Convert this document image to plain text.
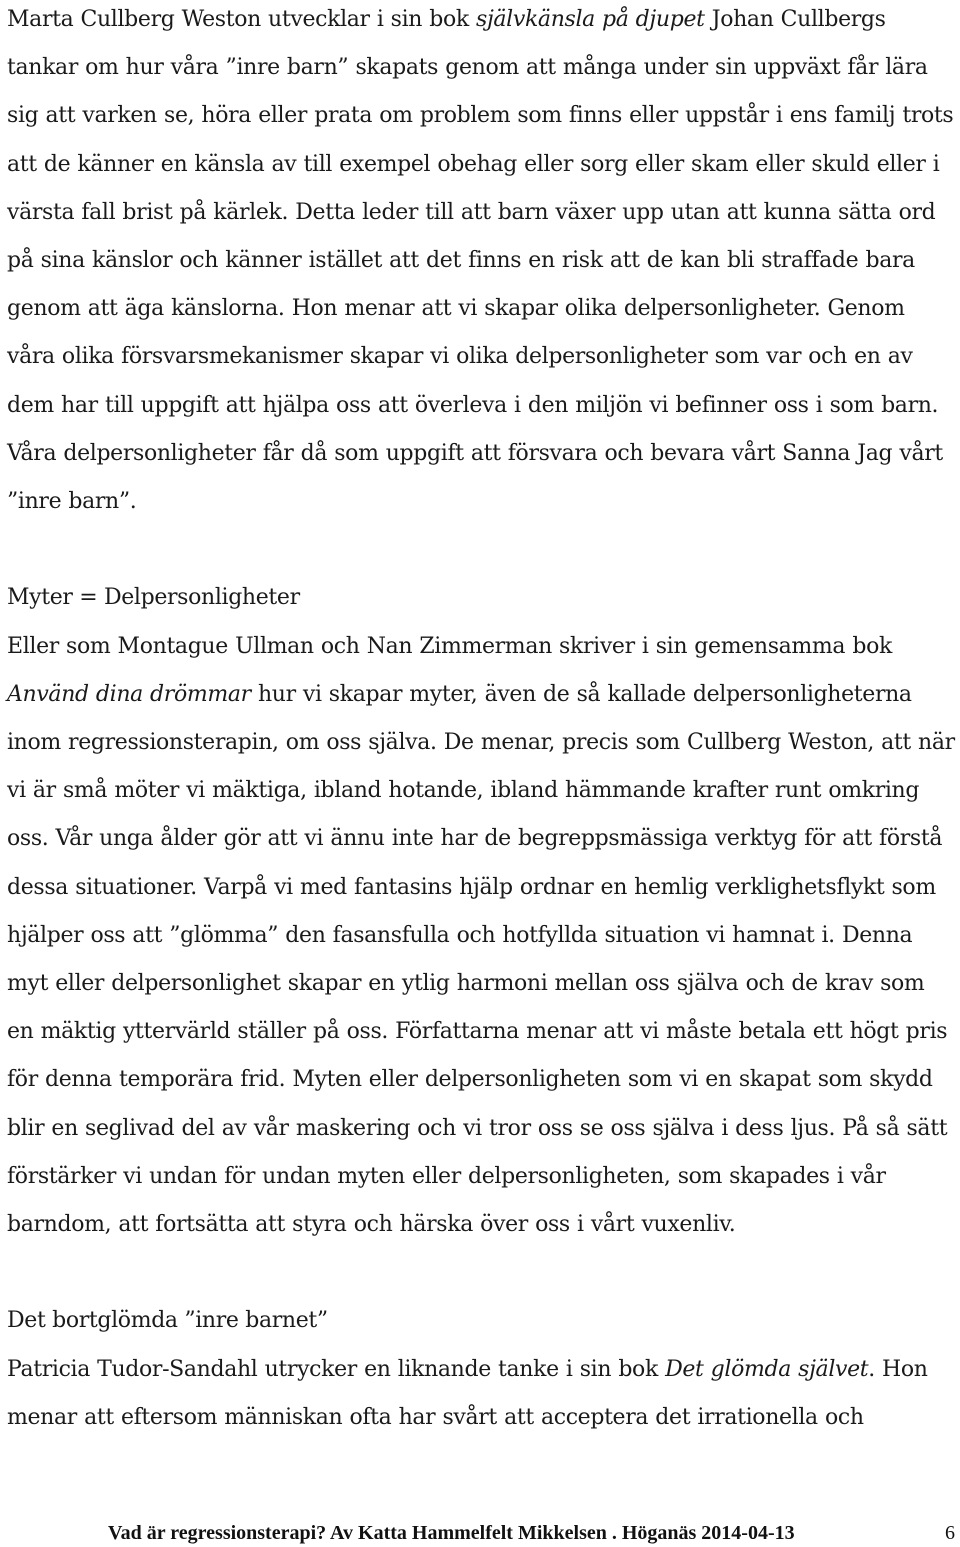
Marta Cullberg Weston utvecklar i sin bok självkänsla på djupet Johan Cullbergs tankar om hur våra ”inre barn” skapats genom att många under sin uppväxt får lära sig att varken se, höra eller prata om problem som finns eller uppstår i ens familj trots att de känner en känsla av till exempel obehag eller sorg eller skam eller skuld eller i värsta fall brist på kärlek. Detta leder till att barn växer upp utan att kunna sätta ord på sina känslor och känner istället att det finns en risk att de kan bli straffade bara genom att äga känslorna. Hon menar att vi skapar olika delpersonligheter. Genom våra olika försvarsmekanismer skapar vi olika delpersonligheter som var och en av dem har till uppgift att hjälpa oss att överleva i den miljön vi befinner oss i som barn. Våra delpersonligheter får då som uppgift att försvara och bevara vårt Sanna Jag vårt ”inre barn”.

Myter = Delpersonligheter

Eller som Montague Ullman och Nan Zimmerman skriver i sin gemensamma bok Använd dina drömmar hur vi skapar myter, även de så kallade delpersonligheterna inom regressionsterapin, om oss själva. De menar, precis som Cullberg Weston, att när vi är små möter vi mäktiga, ibland hotande, ibland hämmande krafter runt omkring oss. Vår unga ålder gör att vi ännu inte har de begreppsmässiga verktyg för att förstå dessa situationer. Varpå vi med fantasins hjälp ordnar en hemlig verklighetsflykt som hjälper oss att ”glömma” den fasansfulla och hotfyllda situation vi hamnat i. Denna myt eller delpersonlighet skapar en ytlig harmoni mellan oss själva och de krav som en mäktig yttervärld ställer på oss. Författarna menar att vi måste betala ett högt pris för denna temporära frid. Myten eller delpersonligheten som vi en skapat som skydd blir en seglivad del av vår maskering och vi tror oss se oss själva i dess ljus. På så sätt förstärker vi undan för undan myten eller delpersonligheten, som skapades i vår barndom, att fortsätta att styra och härska över oss i vårt vuxenliv.

Det bortglömda ”inre barnet”

Patricia Tudor-Sandahl utrycker en liknande tanke i sin bok Det glömda självet. Hon menar att eftersom människan ofta har svårt att acceptera det irrationella och

Vad är regressionsterapi? Av Katta Hammelfelt Mikkelsen . Höganäs 2014-04-13	6
